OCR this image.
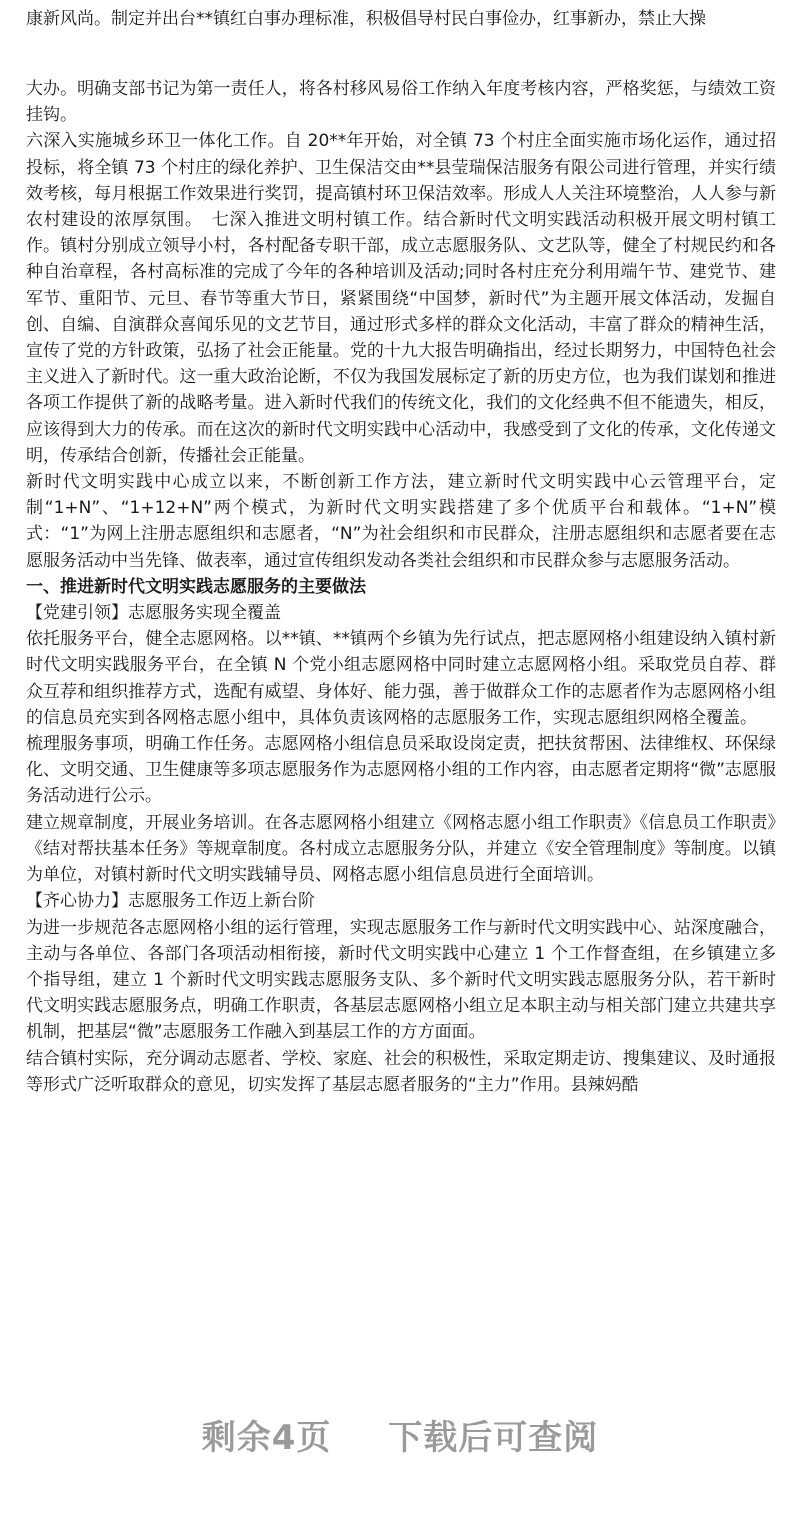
康新风尚。制定并出台**镇红白事办理标准，积极倡导村民白事俭办，红事新办，禁止大操

大办。明确支部书记为第一责任人，将各村移风易俗工作纳入年度考核内容，严格奖惩，与绩效工资挂钩。

六深入实施城乡环卫一体化工作。自 20**年开始，对全镇 73 个村庄全面实施市场化运作，通过招投标，将全镇 73 个村庄的绿化养护、卫生保洁交由**县莹瑞保洁服务有限公司进行管理，并实行绩效考核，每月根据工作效果进行奖罚，提高镇村环卫保洁效率。形成人人关注环境整治，人人参与新农村建设的浓厚氛围。　七深入推进文明村镇工作。结合新时代文明实践活动积极开展文明村镇工作。镇村分别成立领导小村，各村配备专职干部，成立志愿服务队、文艺队等，健全了村规民约和各种自治章程，各村高标准的完成了今年的各种培训及活动;同时各村庄充分利用端午节、建党节、建军节、重阳节、元旦、春节等重大节日，紧紧围绕“中国梦，新时代”为主题开展文体活动，发掘自创、自编、自演群众喜闻乐见的文艺节目，通过形式多样的群众文化活动，丰富了群众的精神生活，宣传了党的方针政策，弘扬了社会正能量。党的十九大报告明确指出，经过长期努力，中国特色社会主义进入了新时代。这一重大政治论断，不仅为我国发展标定了新的历史方位，也为我们谋划和推进各项工作提供了新的战略考量。进入新时代我们的传统文化，我们的文化经典不但不能遗失，相反，应该得到大力的传承。而在这次的新时代文明实践中心活动中，我感受到了文化的传承，文化传递文明，传承结合创新，传播社会正能量。

新时代文明实践中心成立以来，不断创新工作方法，建立新时代文明实践中心云管理平台，定制“1+N”、“1+12+N”两个模式，为新时代文明实践搭建了多个优质平台和载体。“1+N”模式：“1”为网上注册志愿组织和志愿者，“N”为社会组织和市民群众，注册志愿组织和志愿者要在志愿服务活动中当先锋、做表率，通过宣传组织发动各类社会组织和市民群众参与志愿服务活动。

一、推进新时代文明实践志愿服务的主要做法

【党建引领】志愿服务实现全覆盖

依托服务平台，健全志愿网格。以**镇、**镇两个乡镇为先行试点，把志愿网格小组建设纳入镇村新时代文明实践服务平台，在全镇 N 个党小组志愿网格中同时建立志愿网格小组。采取党员自荐、群众互荐和组织推荐方式，选配有威望、身体好、能力强，善于做群众工作的志愿者作为志愿网格小组的信息员充实到各网格志愿小组中，具体负责该网格的志愿服务工作，实现志愿组织网格全覆盖。

梳理服务事项，明确工作任务。志愿网格小组信息员采取设岗定责，把扶贫帮困、法律维权、环保绿化、文明交通、卫生健康等多项志愿服务作为志愿网格小组的工作内容，由志愿者定期将“微”志愿服务活动进行公示。

建立规章制度，开展业务培训。在各志愿网格小组建立《网格志愿小组工作职责》《信息员工作职责》《结对帮扶基本任务》等规章制度。各村成立志愿服务分队，并建立《安全管理制度》等制度。以镇为单位，对镇村新时代文明实践辅导员、网格志愿小组信息员进行全面培训。

【齐心协力】志愿服务工作迈上新台阶

为进一步规范各志愿网格小组的运行管理，实现志愿服务工作与新时代文明实践中心、站深度融合，主动与各单位、各部门各项活动相衔接，新时代文明实践中心建立 1 个工作督查组，在乡镇建立多个指导组，建立 1 个新时代文明实践志愿服务支队、多个新时代文明实践志愿服务分队，若干新时代文明实践志愿服务点，明确工作职责，各基层志愿网格小组立足本职主动与相关部门建立共建共享机制，把基层“微”志愿服务工作融入到基层工作的方方面面。

结合镇村实际，充分调动志愿者、学校、家庭、社会的积极性，采取定期走访、搜集建议、及时通报等形式广泛听取群众的意见，切实发挥了基层志愿者服务的“主力”作用。县辣妈酷

剩余4页 下载后可查阅
